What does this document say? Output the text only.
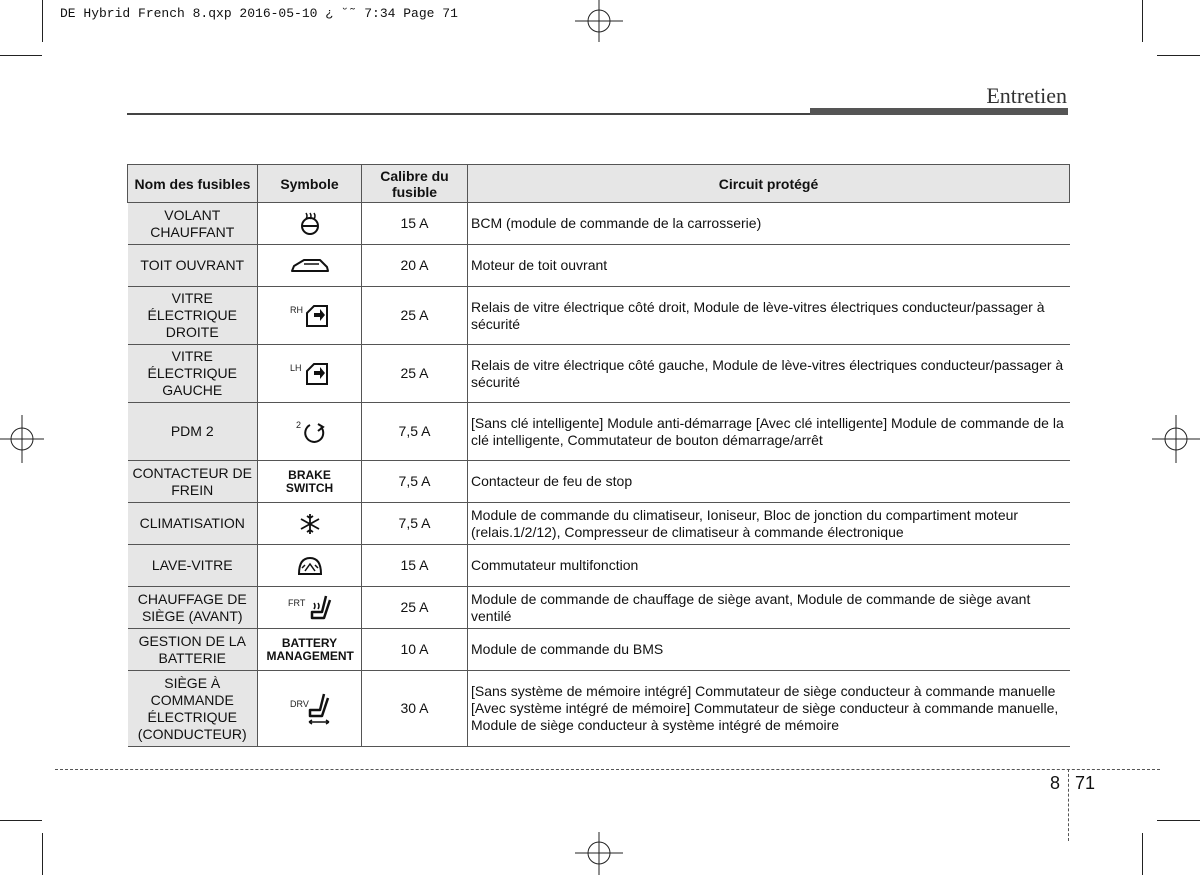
DE Hybrid French 8.qxp 2016-05-10 ¿ ˘˜ 7:34 Page 71
Entretien
Nom des fusibles	Symbole	Calibre du fusible	Circuit protégé
VOLANT CHAUFFANT		15 A	BCM (module de commande de la carrosserie)
TOIT OUVRANT		20 A	Moteur de toit ouvrant
VITRE ÉLECTRIQUE DROITE	RH	25 A	Relais de vitre électrique côté droit, Module de lève-vitres électriques conducteur/passager à sécurité
VITRE ÉLECTRIQUE GAUCHE	LH	25 A	Relais de vitre électrique côté gauche, Module de lève-vitres électriques conducteur/passager à sécurité
PDM 2	2	7,5 A	[Sans clé intelligente] Module anti-démarrage [Avec clé intelligente] Module de commande de la clé intelligente, Commutateur de bouton démarrage/arrêt
CONTACTEUR DE FREIN	BRAKE SWITCH	7,5 A	Contacteur de feu de stop
CLIMATISATION		7,5 A	Module de commande du climatiseur, Ioniseur, Bloc de jonction du compartiment moteur (relais.1/2/12), Compresseur de climatiseur à commande électronique
LAVE-VITRE		15 A	Commutateur multifonction
CHAUFFAGE DE SIÈGE (AVANT)	FRT	25 A	Module de commande de chauffage de siège avant, Module de commande de siège avant ventilé
GESTION DE LA BATTERIE	BATTERY MANAGEMENT	10 A	Module de commande du BMS
SIÈGE À COMMANDE ÉLECTRIQUE (CONDUCTEUR)	DRV	30 A	[Sans système de mémoire intégré] Commutateur de siège conducteur à commande manuelle [Avec système intégré de mémoire] Commutateur de siège conducteur à commande manuelle, Module de siège conducteur à système intégré de mémoire
8 71
